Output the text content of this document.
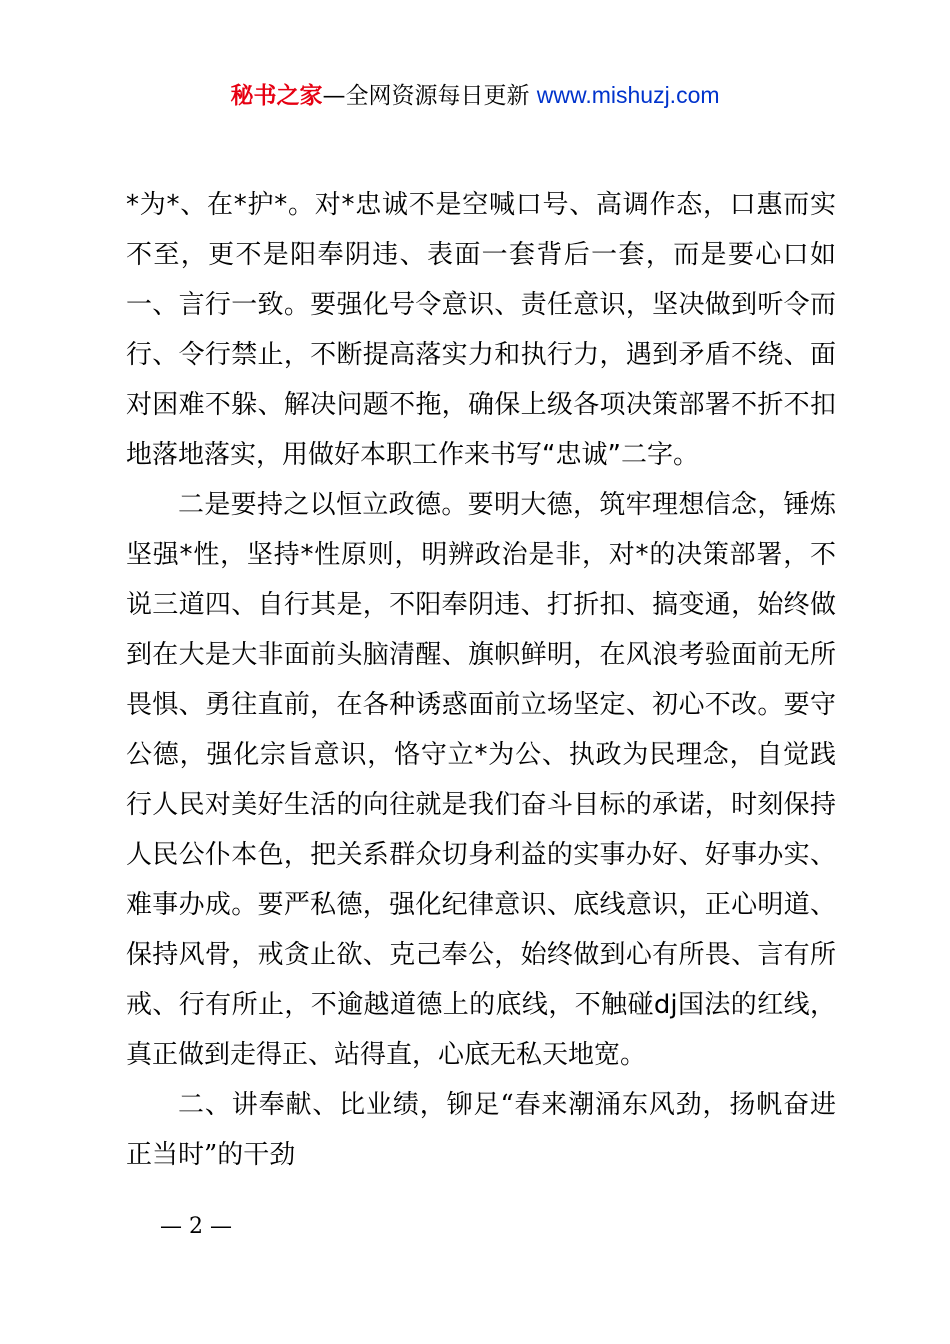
秘书之家—全网资源每日更新 www.mishuzj.com

*为*、在*护*。对*忠诚不是空喊口号、高调作态，口惠而实不至，更不是阳奉阴违、表面一套背后一套，而是要心口如一、言行一致。要强化号令意识、责任意识，坚决做到听令而行、令行禁止，不断提高落实力和执行力，遇到矛盾不绕、面对困难不躲、解决问题不拖，确保上级各项决策部署不折不扣地落地落实，用做好本职工作来书写“忠诚”二字。

二是要持之以恒立政德。要明大德，筑牢理想信念，锤炼坚强*性，坚持*性原则，明辨政治是非，对*的决策部署，不说三道四、自行其是，不阳奉阴违、打折扣、搞变通，始终做到在大是大非面前头脑清醒、旗帜鲜明，在风浪考验面前无所畏惧、勇往直前，在各种诱惑面前立场坚定、初心不改。要守公德，强化宗旨意识，恪守立*为公、执政为民理念，自觉践行人民对美好生活的向往就是我们奋斗目标的承诺，时刻保持人民公仆本色，把关系群众切身利益的实事办好、好事办实、难事办成。要严私德，强化纪律意识、底线意识，正心明道、保持风骨，戒贪止欲、克己奉公，始终做到心有所畏、言有所戒、行有所止，不逾越道德上的底线，不触碰dj国法的红线，真正做到走得正、站得直，心底无私天地宽。

二、讲奉献、比业绩，铆足“春来潮涌东风劲，扬帆奋进正当时”的干劲

— 2 —
